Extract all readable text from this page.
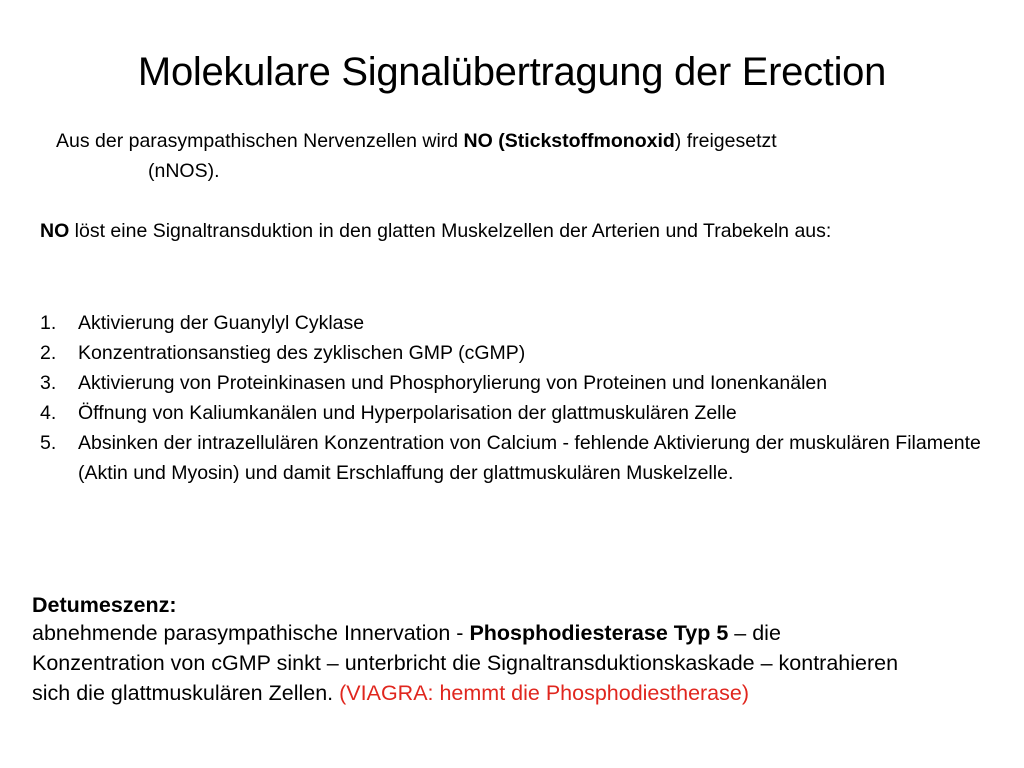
Molekulare Signalübertragung der Erection
Aus der parasympathischen Nervenzellen wird NO (Stickstoffmonoxid) freigesetzt
(nNOS).
NO löst eine Signaltransduktion in den glatten Muskelzellen der Arterien und Trabekeln aus:
1. Aktivierung der Guanylyl Cyklase
2. Konzentrationsanstieg des zyklischen GMP (cGMP)
3. Aktivierung von Proteinkinasen und Phosphorylierung von Proteinen und Ionenkanälen
4. Öffnung von Kaliumkanälen und Hyperpolarisation der glattmuskulären Zelle
5. Absinken der intrazellulären Konzentration von Calcium - fehlende Aktivierung der muskulären Filamente (Aktin und Myosin) und damit Erschlaffung der glattmuskulären Muskelzelle.
Detumeszenz:
abnehmende parasympathische Innervation - Phosphodiesterase Typ 5 – die Konzentration von cGMP sinkt – unterbricht die Signaltransduktionskaskade – kontrahieren sich die glattmuskulären Zellen. (VIAGRA: hemmt die Phosphodiestherase)
